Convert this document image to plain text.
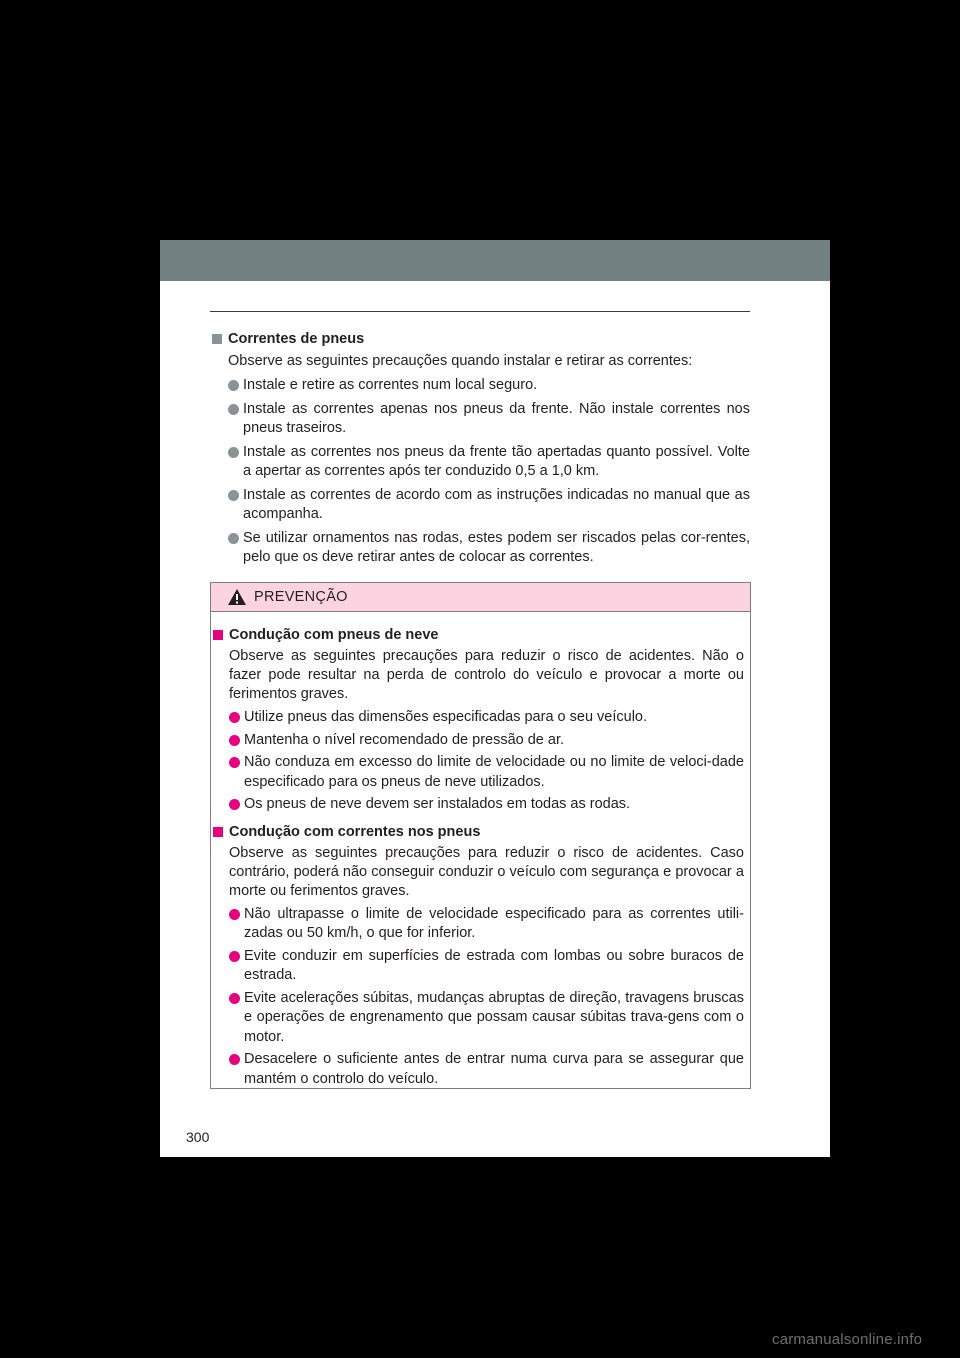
Correntes de pneus
Observe as seguintes precauções quando instalar e retirar as correntes:
Instale e retire as correntes num local seguro.
Instale as correntes apenas nos pneus da frente. Não instale correntes nos pneus traseiros.
Instale as correntes nos pneus da frente tão apertadas quanto possível. Volte a apertar as correntes após ter conduzido 0,5 a 1,0 km.
Instale as correntes de acordo com as instruções indicadas no manual que as acompanha.
Se utilizar ornamentos nas rodas, estes podem ser riscados pelas cor-rentes, pelo que os deve retirar antes de colocar as correntes.
PREVENÇÃO
Condução com pneus de neve
Observe as seguintes precauções para reduzir o risco de acidentes. Não o fazer pode resultar na perda de controlo do veículo e provocar a morte ou ferimentos graves.
Utilize pneus das dimensões especificadas para o seu veículo.
Mantenha o nível recomendado de pressão de ar.
Não conduza em excesso do limite de velocidade ou no limite de veloci-dade especificado para os pneus de neve utilizados.
Os pneus de neve devem ser instalados em todas as rodas.
Condução com correntes nos pneus
Observe as seguintes precauções para reduzir o risco de acidentes. Caso contrário, poderá não conseguir conduzir o veículo com segurança e provocar a morte ou ferimentos graves.
Não ultrapasse o limite de velocidade especificado para as correntes utili-zadas ou 50 km/h, o que for inferior.
Evite conduzir em superfícies de estrada com lombas ou sobre buracos de estrada.
Evite acelerações súbitas, mudanças abruptas de direção, travagens bruscas e operações de engrenamento que possam causar súbitas trava-gens com o motor.
Desacelere o suficiente antes de entrar numa curva para se assegurar que mantém o controlo do veículo.
300
carmanualsonline.info
